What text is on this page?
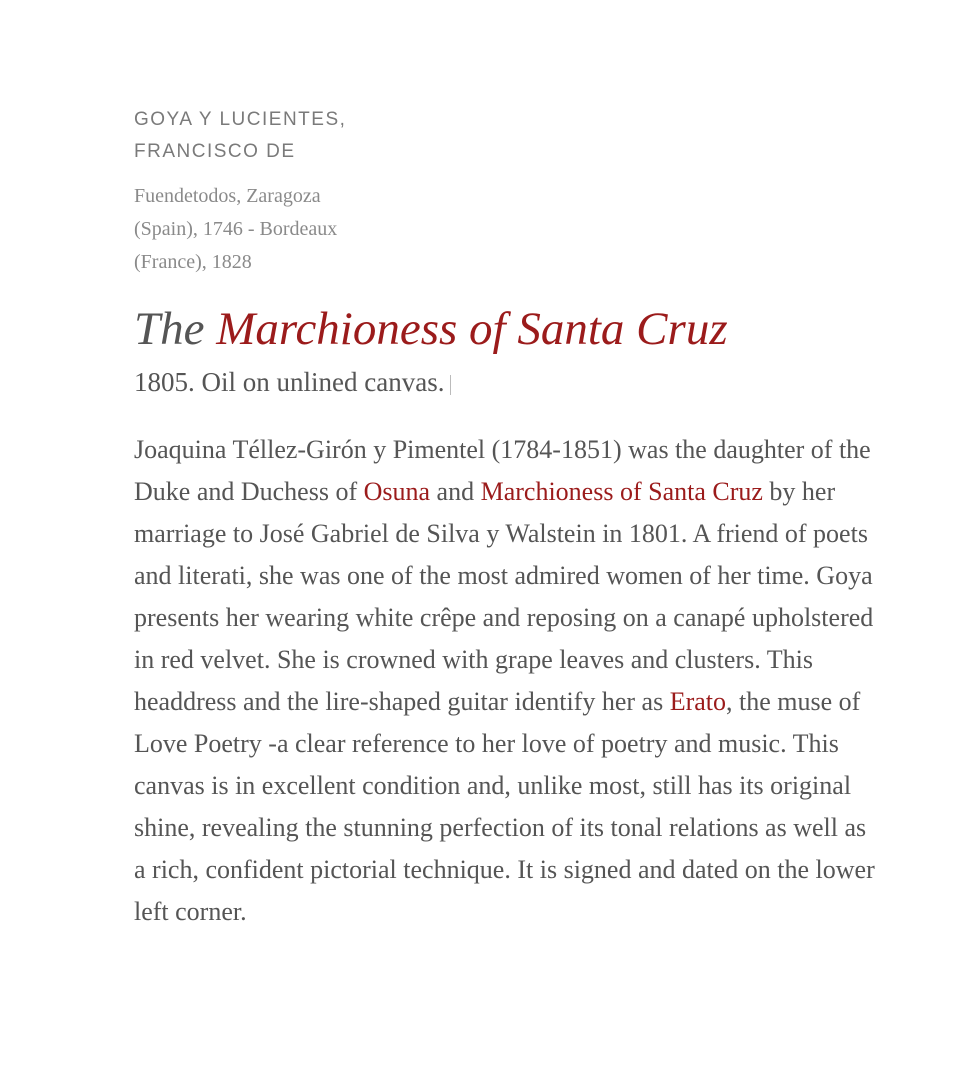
GOYA Y LUCIENTES,
FRANCISCO DE
Fuendetodos, Zaragoza
(Spain), 1746 - Bordeaux
(France), 1828
The Marchioness of Santa Cruz
1805. Oil on unlined canvas.
Joaquina Téllez-Girón y Pimentel (1784-1851) was the daughter of the Duke and Duchess of Osuna and Marchioness of Santa Cruz by her marriage to José Gabriel de Silva y Walstein in 1801. A friend of poets and literati, she was one of the most admired women of her time. Goya presents her wearing white crêpe and reposing on a canapé upholstered in red velvet. She is crowned with grape leaves and clusters. This headdress and the lire-shaped guitar identify her as Erato, the muse of Love Poetry -a clear reference to her love of poetry and music. This canvas is in excellent condition and, unlike most, still has its original shine, revealing the stunning perfection of its tonal relations as well as a rich, confident pictorial technique. It is signed and dated on the lower left corner.
